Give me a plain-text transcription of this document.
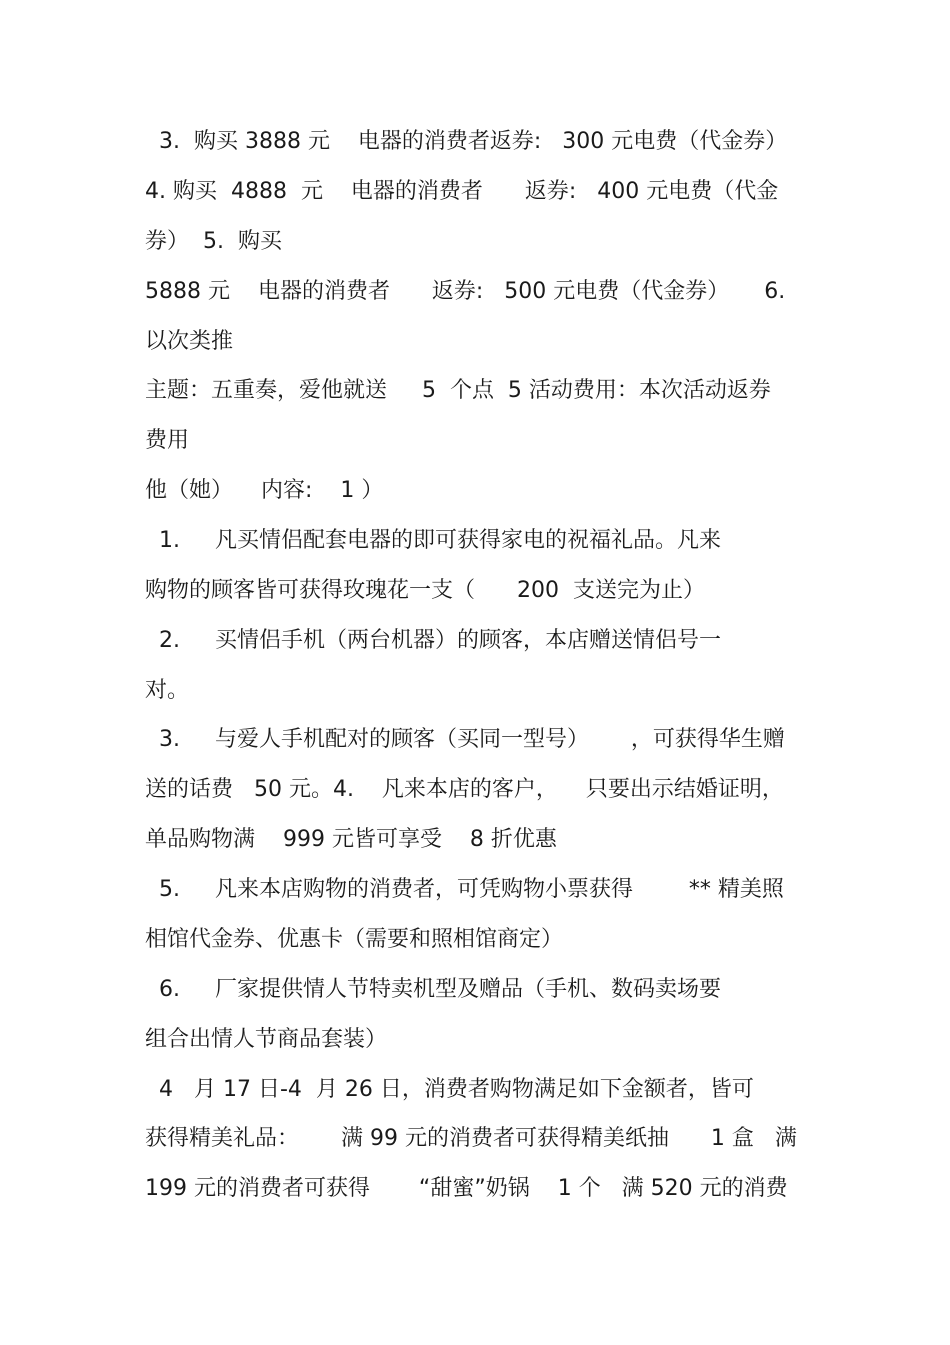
3.  购买 3888 元    电器的消费者返券:   300 元电费（代金券）
4. 购买  4888  元    电器的消费者      返券:   400 元电费（代金
券）  5.  购买
5888 元    电器的消费者      返券:   500 元电费（代金券）     6.
以次类推
主题：五重奏，爱他就送     5  个点  5 活动费用：本次活动返券
费用
他（她）    内容:    1 ）
1.     凡买情侣配套电器的即可获得家电的祝福礼品。凡来
购物的顾客皆可获得玫瑰花一支（      200  支送完为止）
2.     买情侣手机（两台机器）的顾客，本店赠送情侣号一
对。
3.     与爱人手机配对的顾客（买同一型号）      ，可获得华生赠
送的话费   50 元。4.    凡来本店的客户，    只要出示结婚证明，
单品购物满    999 元皆可享受    8 折优惠
5.     凡来本店购物的消费者，可凭购物小票获得        ** 精美照
相馆代金券、优惠卡（需要和照相馆商定）
6.     厂家提供情人节特卖机型及赠品（手机、数码卖场要
组合出情人节商品套装）
4   月 17 日-4  月 26 日，消费者购物满足如下金额者，皆可
获得精美礼品：      满 99 元的消费者可获得精美纸抽      1 盒   满
199 元的消费者可获得       “甜蜜”奶锅    1 个   满 520 元的消费
